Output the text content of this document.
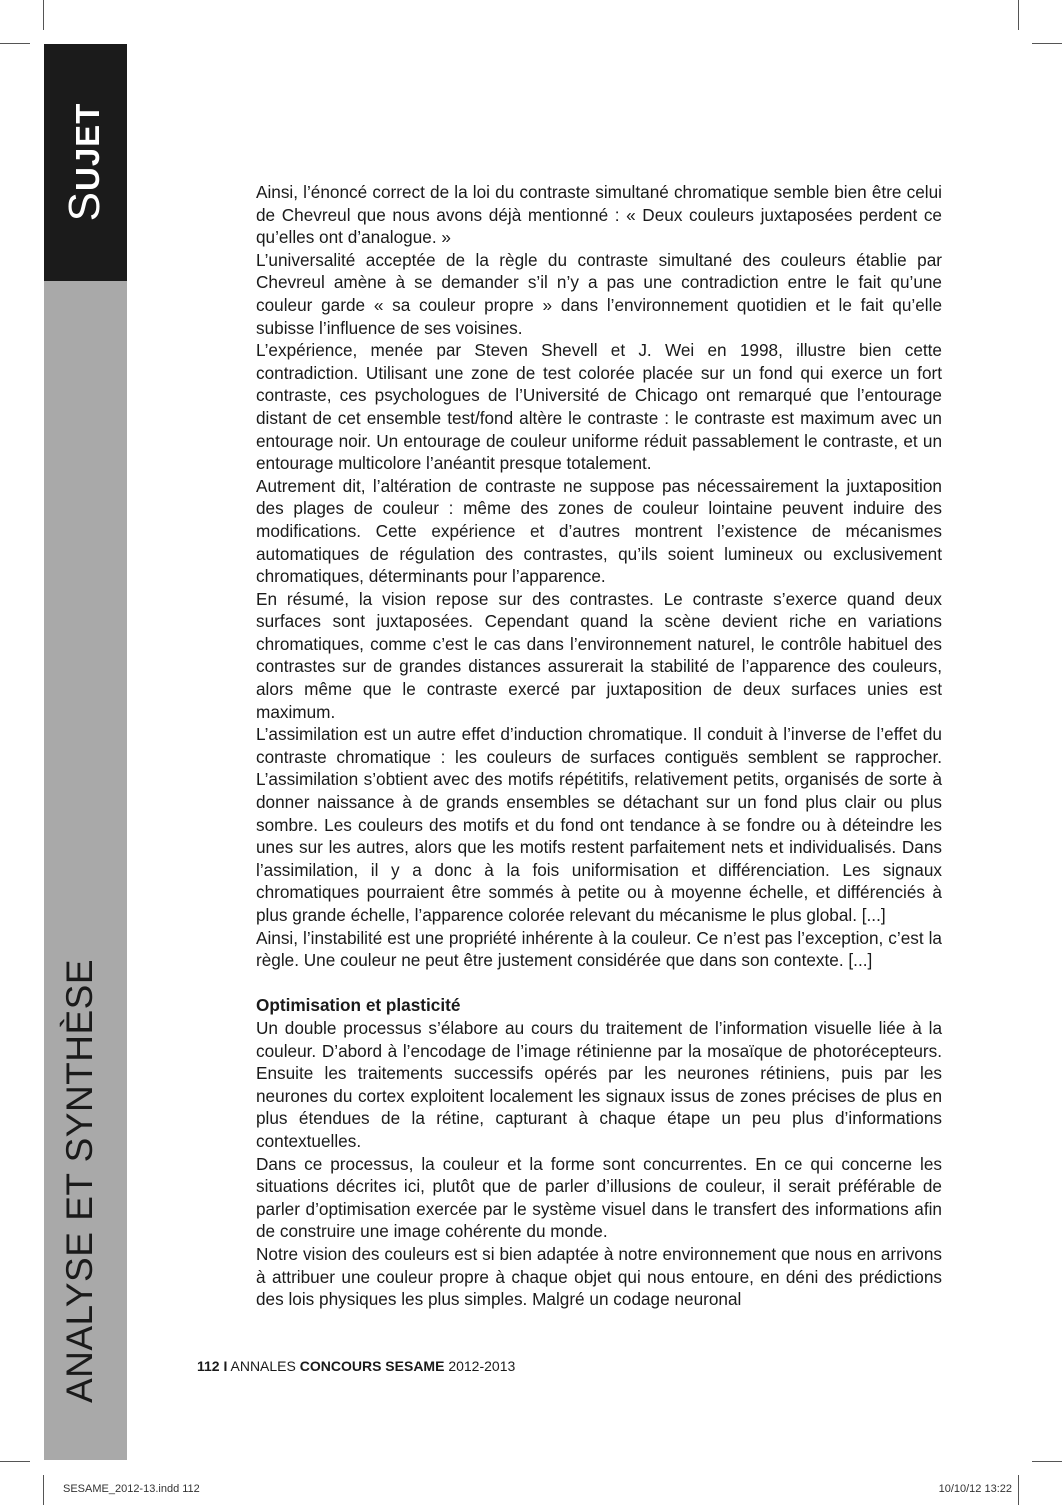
SUJET
ANALYSE ET SYNTHÈSE

Ainsi, l’énoncé correct de la loi du contraste simultané chromatique semble bien être celui de Chevreul que nous avons déjà mentionné : « Deux couleurs juxtaposées perdent ce qu’elles ont d’analogue. »

L’universalité acceptée de la règle du contraste simultané des couleurs établie par Chevreul amène à se demander s’il n’y a pas une contradiction entre le fait qu’une couleur garde « sa couleur propre » dans l’environnement quotidien et le fait qu’elle subisse l’influence de ses voisines.

L’expérience, menée par Steven Shevell et J. Wei en 1998, illustre bien cette contradiction. Utilisant une zone de test colorée placée sur un fond qui exerce un fort contraste, ces psychologues de l’Université de Chicago ont remarqué que l’entourage distant de cet ensemble test/fond altère le contraste : le contraste est maximum avec un entourage noir. Un entourage de couleur uniforme réduit passablement le contraste, et un entourage multicolore l’anéantit presque totalement.

Autrement dit, l’altération de contraste ne suppose pas nécessairement la juxtaposition des plages de couleur : même des zones de couleur lointaine peuvent induire des modifications. Cette expérience et d’autres montrent l’existence de mécanismes automatiques de régulation des contrastes, qu’ils soient lumineux ou exclusivement chromatiques, déterminants pour l’apparence.

En résumé, la vision repose sur des contrastes. Le contraste s’exerce quand deux surfaces sont juxtaposées. Cependant quand la scène devient riche en variations chromatiques, comme c’est le cas dans l’environnement naturel, le contrôle habituel des contrastes sur de grandes distances assurerait la stabilité de l’apparence des couleurs, alors même que le contraste exercé par juxtaposition de deux surfaces unies est maximum.

L’assimilation est un autre effet d’induction chromatique. Il conduit à l’inverse de l’effet du contraste chromatique : les couleurs de surfaces contiguës semblent se rapprocher. L’assimilation s’obtient avec des motifs répétitifs, relativement petits, organisés de sorte à donner naissance à de grands ensembles se détachant sur un fond plus clair ou plus sombre. Les couleurs des motifs et du fond ont tendance à se fondre ou à déteindre les unes sur les autres, alors que les motifs restent parfaitement nets et individualisés. Dans l’assimilation, il y a donc à la fois uniformisation et différenciation. Les signaux chromatiques pourraient être sommés à petite ou à moyenne échelle, et différenciés à plus grande échelle, l’apparence colorée relevant du mécanisme le plus global. [...]

Ainsi, l’instabilité est une propriété inhérente à la couleur. Ce n’est pas l’exception, c’est la règle. Une couleur ne peut être justement considérée que dans son contexte. [...]

Optimisation et plasticité

Un double processus s’élabore au cours du traitement de l’information visuelle liée à la couleur. D’abord à l’encodage de l’image rétinienne par la mosaïque de photorécepteurs. Ensuite les traitements successifs opérés par les neurones rétiniens, puis par les neurones du cortex exploitent localement les signaux issus de zones précises de plus en plus étendues de la rétine, capturant à chaque étape un peu plus d’informations contextuelles.

Dans ce processus, la couleur et la forme sont concurrentes. En ce qui concerne les situations décrites ici, plutôt que de parler d’illusions de couleur, il serait préférable de parler d’optimisation exercée par le système visuel dans le transfert des informations afin de construire une image cohérente du monde.

Notre vision des couleurs est si bien adaptée à notre environnement que nous en arrivons à attribuer une couleur propre à chaque objet qui nous entoure, en déni des prédictions des lois physiques les plus simples. Malgré un codage neuronal

112 I ANNALES CONCOURS SESAME 2012-2013
SESAME_2012-13.indd 112	10/10/12 13:22
